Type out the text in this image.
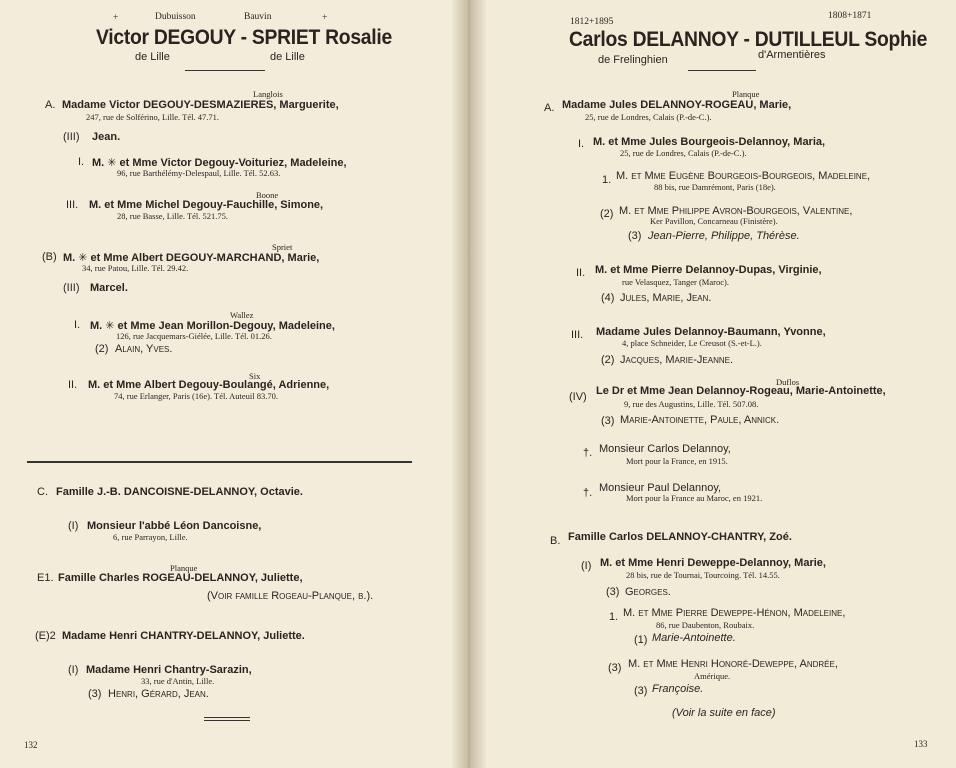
+	Dubuisson	Bauvin	+
Victor DEGOUY - SPRIET Rosalie
de Lille	de Lille
Langlois
A. Madame Victor DEGOUY-DESMAZIERES, Marguerite,
247, rue de Solférino, Lille. Tél. 47.71.
(III) Jean.
I. M. ✳ et Mme Victor Degouy-Voituriez, Madeleine,
96, rue Barthélémy-Delespaul, Lille. Tél. 52.63.
Boone
III. M. et Mme Michel Degouy-Fauchille, Simone,
28, rue Basse, Lille. Tél. 521.75.
Spriet
(B) M. ✳ et Mme Albert DEGOUY-MARCHAND, Marie,
34, rue Patou, Lille. Tél. 29.42.
(III) Marcel.
Wallez
I. M. ✳ et Mme Jean Morillon-Degouy, Madeleine,
126, rue Jacquemars-Giélée, Lille. Tél. 01.26.
(2) Alain, Yves.
Six
II. M. et Mme Albert Degouy-Boulangé, Adrienne,
74, rue Erlanger, Paris (16e). Tél. Auteuil 83.70.
C. Famille J.-B. DANCOISNE-DELANNOY, Octavie.
(I) Monsieur l'abbé Léon Dancoisne,
6, rue Parrayon, Lille.
Planque
E1. Famille Charles ROGEAU-DELANNOY, Juliette,
(Voir famille Rogeau-Planque, b.).
(E)2 Madame Henri CHANTRY-DELANNOY, Juliette.
(I) Madame Henri Chantry-Sarazin,
33, rue d'Antin, Lille.
(3) Henri, Gérard, Jean.
132
1812+1895
1808+1871
Carlos DELANNOY - DUTILLEUL Sophie
de Frelinghien	d'Armentières
Planque
A. Madame Jules DELANNOY-ROGEAU, Marie,
25, rue de Londres, Calais (P.-de-C.).
I. M. et Mme Jules Bourgeois-Delannoy, Maria,
25, rue de Londres, Calais (P.-de-C.).
1. M. et Mme Eugène Bourgeois-Bourgeois, Madeleine,
88 bis, rue Damrémont, Paris (18e).
(2) M. et Mme Philippe Avron-Bourgeois, Valentine,
Ker Pavillon, Concarneau (Finistère).
(3) Jean-Pierre, Philippe, Thérèse.
II. M. et Mme Pierre Delannoy-Dupas, Virginie,
rue Velasquez, Tanger (Maroc).
(4) Jules, Marie, Jean.
III. Madame Jules Delannoy-Baumann, Yvonne,
4, place Schneider, Le Creusot (S.-et-L.).
(2) Jacques, Marie-Jeanne.
Duflos
(IV) Le Dr et Mme Jean Delannoy-Rogeau, Marie-Antoinette,
9, rue des Augustins, Lille. Tél. 507.08.
(3) Marie-Antoinette, Paule, Annick.
†. Monsieur Carlos Delannoy,
Mort pour la France, en 1915.
†. Monsieur Paul Delannoy,
Mort pour la France au Maroc, en 1921.
B. Famille Carlos DELANNOY-CHANTRY, Zoé.
(I) M. et Mme Henri Deweppe-Delannoy, Marie,
28 bis, rue de Tournai, Tourcoing. Tél. 14.55.
(3) Georges.
1. M. et Mme Pierre Deweppe-Hénon, Madeleine,
86, rue Daubenton, Roubaix.
(1) Marie-Antoinette.
(3) M. et Mme Henri Honoré-Deweppe, Andrée,
Amérique.
(3) Françoise.
(Voir la suite en face)
133
